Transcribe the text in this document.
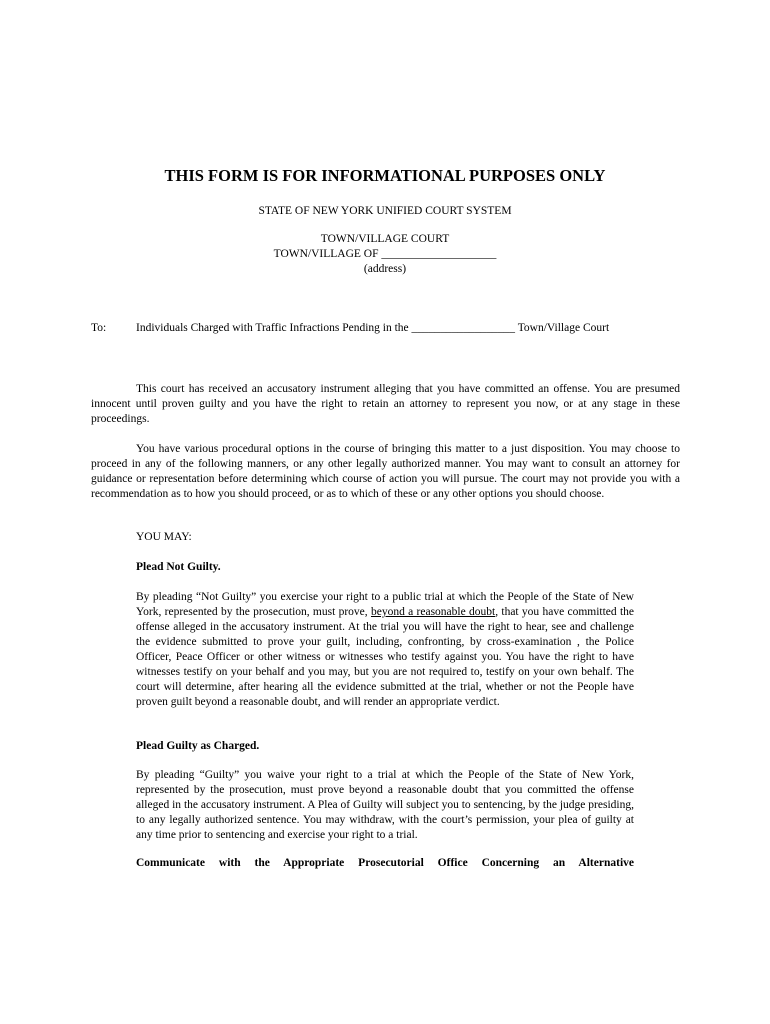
THIS FORM IS FOR INFORMATIONAL PURPOSES ONLY
STATE OF NEW YORK UNIFIED COURT SYSTEM
TOWN/VILLAGE COURT
TOWN/VILLAGE OF ____________________
(address)
To:	Individuals Charged with Traffic Infractions Pending in the __________________ Town/Village Court

This court has received an accusatory instrument alleging that you have committed an offense. You are presumed innocent until proven guilty and you have the right to retain an attorney to represent you now, or at any stage in these proceedings.

You have various procedural options in the course of bringing this matter to a just disposition. You may choose to proceed in any of the following manners, or any other legally authorized manner. You may want to consult an attorney for guidance or representation before determining which course of action you will pursue. The court may not provide you with a recommendation as to how you should proceed, or as to which of these or any other options you should choose.

YOU MAY:
Plead Not Guilty.

By pleading “Not Guilty” you exercise your right to a public trial at which the People of the State of New York, represented by the prosecution, must prove, beyond a reasonable doubt, that you have committed the offense alleged in the accusatory instrument. At the trial you will have the right to hear, see and challenge the evidence submitted to prove your guilt, including, confronting, by cross-examination , the Police Officer, Peace Officer or other witness or witnesses who testify against you. You have the right to have witnesses testify on your behalf and you may, but you are not required to, testify on your own behalf. The court will determine, after hearing all the evidence submitted at the trial, whether or not the People have proven guilt beyond a reasonable doubt, and will render an appropriate verdict.

Plead Guilty as Charged.

By pleading “Guilty” you waive your right to a trial at which the People of the State of New York, represented by the prosecution, must prove beyond a reasonable doubt that you committed the offense alleged in the accusatory instrument. A Plea of Guilty will subject you to sentencing, by the judge presiding, to any legally authorized sentence. You may withdraw, with the court’s permission, your plea of guilty at any time prior to sentencing and exercise your right to a trial.

Communicate with the Appropriate Prosecutorial Office Concerning an Alternative
